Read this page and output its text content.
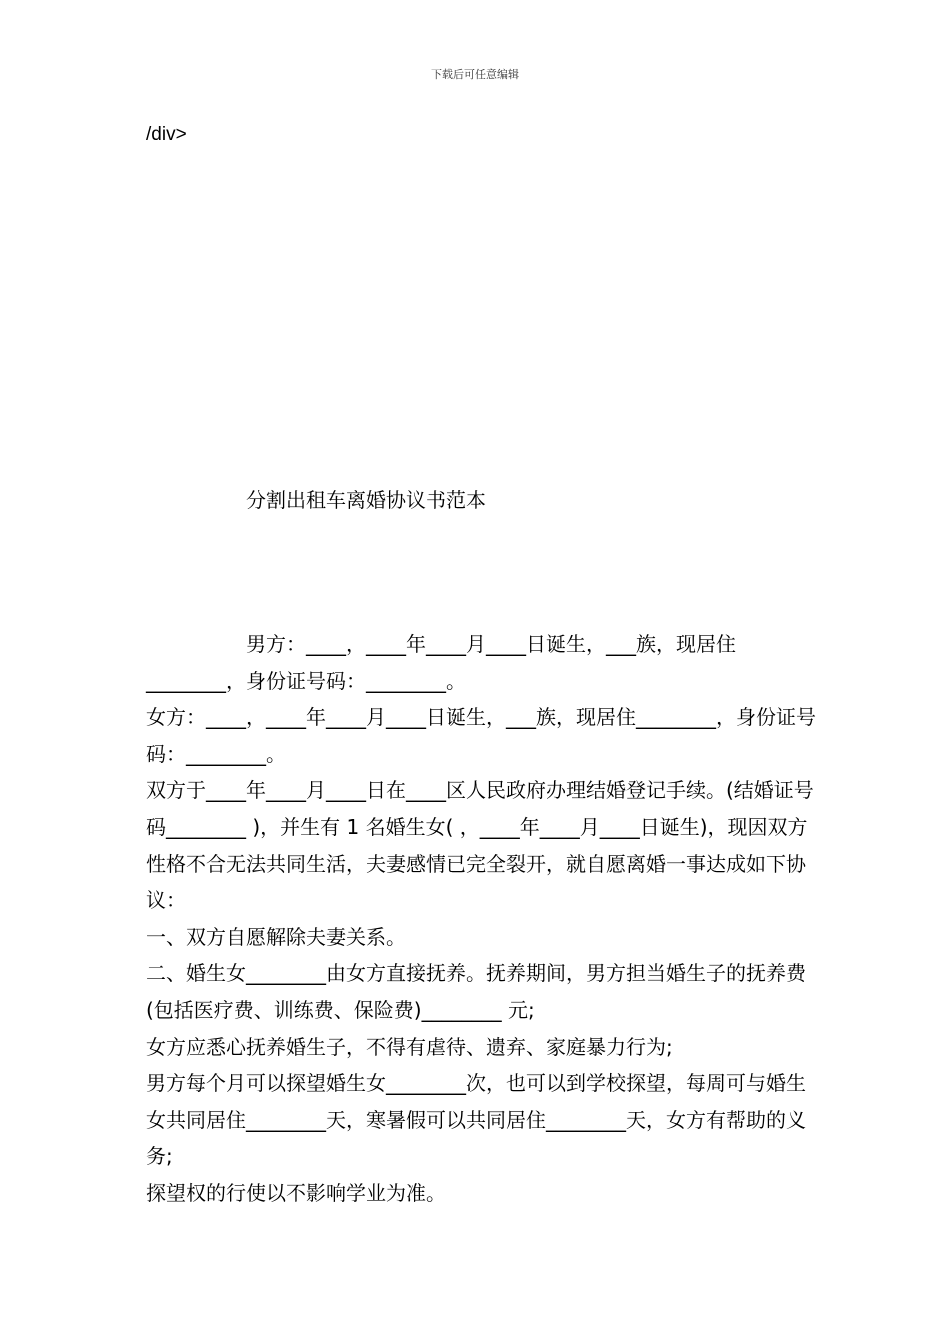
下载后可任意编辑
/div>
分割出租车离婚协议书范本

男方：____，____年____月____日诞生，___族，现居住________，身份证号码：________。

女方：____，____年____月____日诞生，___族，现居住________，身份证号码：________。

双方于____年____月____日在____区人民政府办理结婚登记手续。(结婚证号码________ )，并生有 1 名婚生女( ，____年____月____日诞生)，现因双方性格不合无法共同生活，夫妻感情已完全裂开，就自愿离婚一事达成如下协议：

一、双方自愿解除夫妻关系。

二、婚生女________由女方直接抚养。抚养期间，男方担当婚生子的抚养费(包括医疗费、训练费、保险费)________ 元;

女方应悉心抚养婚生子，不得有虐待、遗弃、家庭暴力行为;

男方每个月可以探望婚生女________次，也可以到学校探望，每周可与婚生女共同居住________天，寒暑假可以共同居住________天，女方有帮助的义务;

探望权的行使以不影响学业为准。
